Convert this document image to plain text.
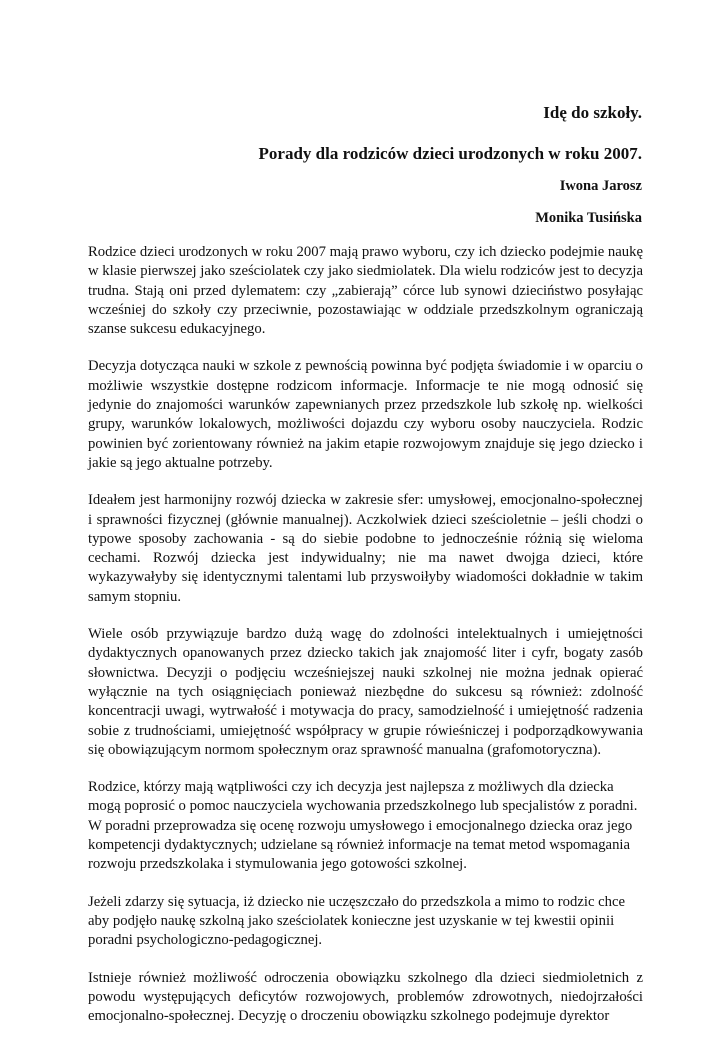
Idę do szkoły.
Porady dla rodziców dzieci urodzonych w roku 2007.
Iwona Jarosz
Monika Tusińska

Rodzice dzieci urodzonych w roku 2007 mają prawo wyboru, czy ich dziecko podejmie naukę w klasie pierwszej jako sześciolatek czy jako siedmiolatek. Dla wielu rodziców jest to decyzja trudna. Stają oni przed dylematem: czy „zabierają” córce lub synowi dzieciństwo posyłając wcześniej do szkoły czy przeciwnie, pozostawiając w oddziale przedszkolnym ograniczają szanse sukcesu edukacyjnego.

Decyzja dotycząca nauki w szkole z pewnością powinna być podjęta świadomie i w oparciu o możliwie wszystkie dostępne rodzicom informacje. Informacje te nie mogą odnosić się jedynie do znajomości warunków zapewnianych przez przedszkole lub szkołę np. wielkości grupy, warunków lokalowych, możliwości dojazdu czy wyboru osoby nauczyciela. Rodzic powinien być zorientowany również na jakim etapie rozwojowym znajduje się jego dziecko i jakie są jego aktualne potrzeby.

Ideałem jest harmonijny rozwój dziecka w zakresie sfer: umysłowej, emocjonalno-społecznej i sprawności fizycznej (głównie manualnej). Aczkolwiek dzieci sześcioletnie – jeśli chodzi o typowe sposoby zachowania - są do siebie podobne to jednocześnie różnią się wieloma cechami. Rozwój dziecka jest indywidualny; nie ma nawet dwojga dzieci, które wykazywałyby się identycznymi talentami lub przyswoiłyby wiadomości dokładnie w takim samym stopniu.

Wiele osób przywiązuje bardzo dużą wagę do zdolności intelektualnych i umiejętności dydaktycznych opanowanych przez dziecko takich jak znajomość liter i cyfr, bogaty zasób słownictwa. Decyzji o podjęciu wcześniejszej nauki szkolnej nie można jednak opierać wyłącznie na tych osiągnięciach ponieważ niezbędne do sukcesu są również: zdolność koncentracji uwagi, wytrwałość i motywacja do pracy, samodzielność i umiejętność radzenia sobie z trudnościami, umiejętność współpracy w grupie rówieśniczej i podporządkowywania się obowiązującym normom społecznym oraz sprawność manualna (grafomotoryczna).

Rodzice, którzy mają wątpliwości czy ich decyzja jest najlepsza z możliwych dla dziecka mogą poprosić o pomoc nauczyciela wychowania przedszkolnego lub specjalistów z poradni. W poradni przeprowadza się ocenę rozwoju umysłowego i emocjonalnego dziecka oraz jego kompetencji dydaktycznych; udzielane są również informacje na temat metod wspomagania rozwoju przedszkolaka i stymulowania jego gotowości szkolnej.

Jeżeli zdarzy się sytuacja, iż dziecko nie uczęszczało do przedszkola a mimo to rodzic chce aby podjęło naukę szkolną jako sześciolatek konieczne jest uzyskanie w tej kwestii opinii poradni psychologiczno-pedagogicznej.

Istnieje również możliwość odroczenia obowiązku szkolnego dla dzieci siedmioletnich z powodu występujących deficytów rozwojowych, problemów zdrowotnych, niedojrzałości emocjonalno-społecznej. Decyzję o droczeniu obowiązku szkolnego podejmuje dyrektor
